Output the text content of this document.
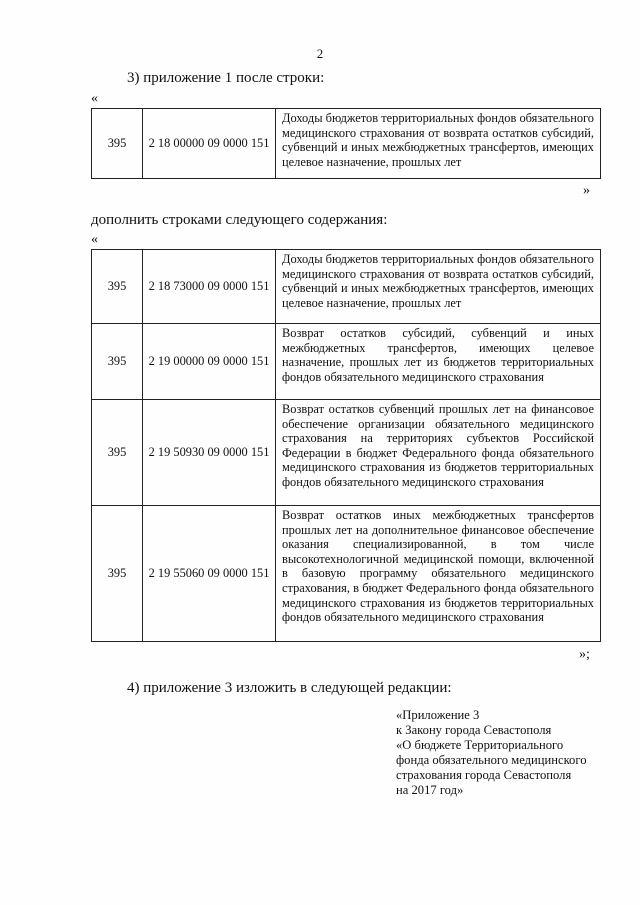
2
3) приложение 1 после строки:
«
395	2 18 00000 09 0000 151	Доходы бюджетов территориальных фондов обязательного медицинского страхования от возврата остатков субсидий, субвенций и иных межбюджетных трансфертов, имеющих целевое назначение, прошлых лет
»
дополнить строками следующего содержания:
«
395	2 18 73000 09 0000 151	Доходы бюджетов территориальных фондов обязательного медицинского страхования от возврата остатков субсидий, субвенций и иных межбюджетных трансфертов, имеющих целевое назначение, прошлых лет
395	2 19 00000 09 0000 151	Возврат остатков субсидий, субвенций и иных межбюджетных трансфертов, имеющих целевое назначение, прошлых лет из бюджетов территориальных фондов обязательного медицинского страхования
395	2 19 50930 09 0000 151	Возврат остатков субвенций прошлых лет на финансовое обеспечение организации обязательного медицинского страхования на территориях субъектов Российской Федерации в бюджет Федерального фонда обязательного медицинского страхования из бюджетов территориальных фондов обязательного медицинского страхования
395	2 19 55060 09 0000 151	Возврат остатков иных межбюджетных трансфертов прошлых лет на дополнительное финансовое обеспечение оказания специализированной, в том числе высокотехнологичной медицинской помощи, включенной в базовую программу обязательного медицинского страхования, в бюджет Федерального фонда обязательного медицинского страхования из бюджетов территориальных фондов обязательного медицинского страхования
»;
4) приложение 3 изложить в следующей редакции:
«Приложение 3
к Закону города Севастополя
«О бюджете Территориального
фонда обязательного медицинского
страхования города Севастополя
на 2017 год»
